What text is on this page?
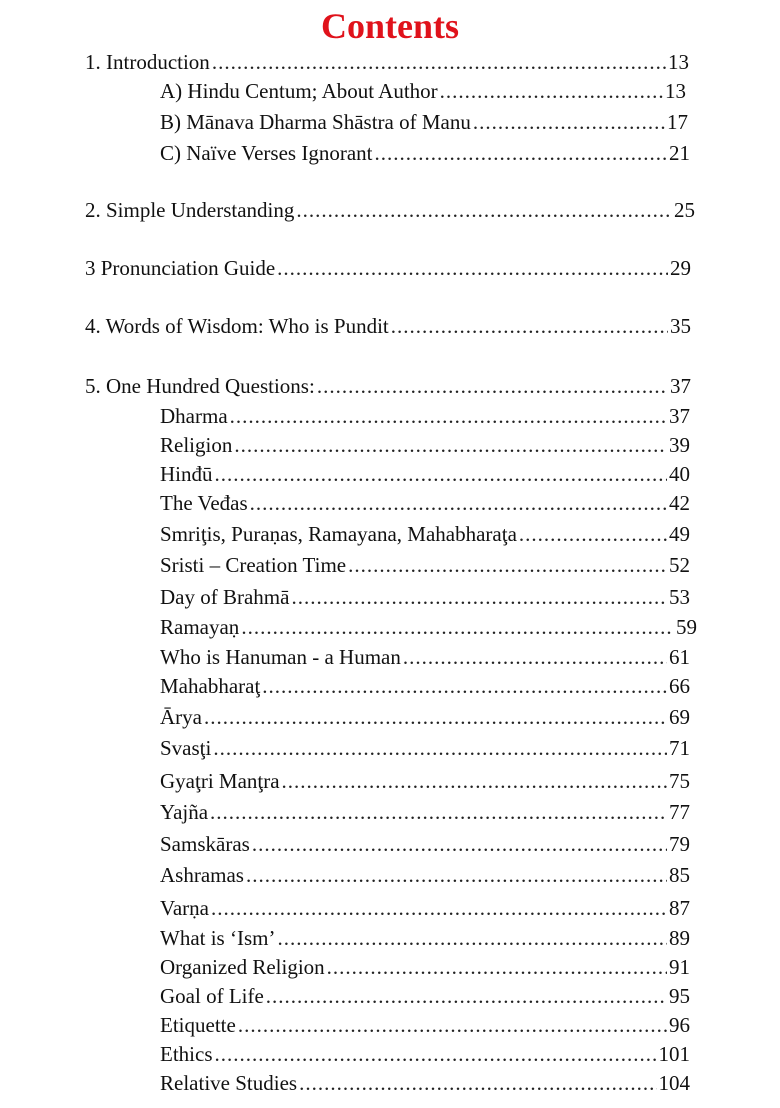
Contents
1. Introduction .....	13
A) Hindu Centum; About Author .....	13
B) Mānava Dharma Shāstra of Manu .....	17
C) Naïve Verses Ignorant .....	21
2. Simple Understanding .....	25
3 Pronunciation Guide .....	29
4. Words of Wisdom: Who is Pundit .....	35
5. One Hundred Questions: .....	37
Dharma .....	37
Religion .....	39
Hinđū .....	40
The Veđas .....	42
Smriţis, Puraṇas, Ramayana, Mahabharaţa .....	49
Sristi – Creation Time .....	52
Day of Brahmā .....	53
Ramayaṇ .....	59
Who is Hanuman - a Human .....	61
Mahabharaţ .....	66
Ārya .....	69
Svasţi .....	71
Gyaţri Manţra .....	75
Yajña .....	77
Samskāras .....	79
Ashramas .....	85
Varṇa .....	87
What is ‘Ism’ .....	89
Organized Religion .....	91
Goal of Life .....	95
Etiquette .....	96
Ethics .....	101
Relative Studies .....	104
